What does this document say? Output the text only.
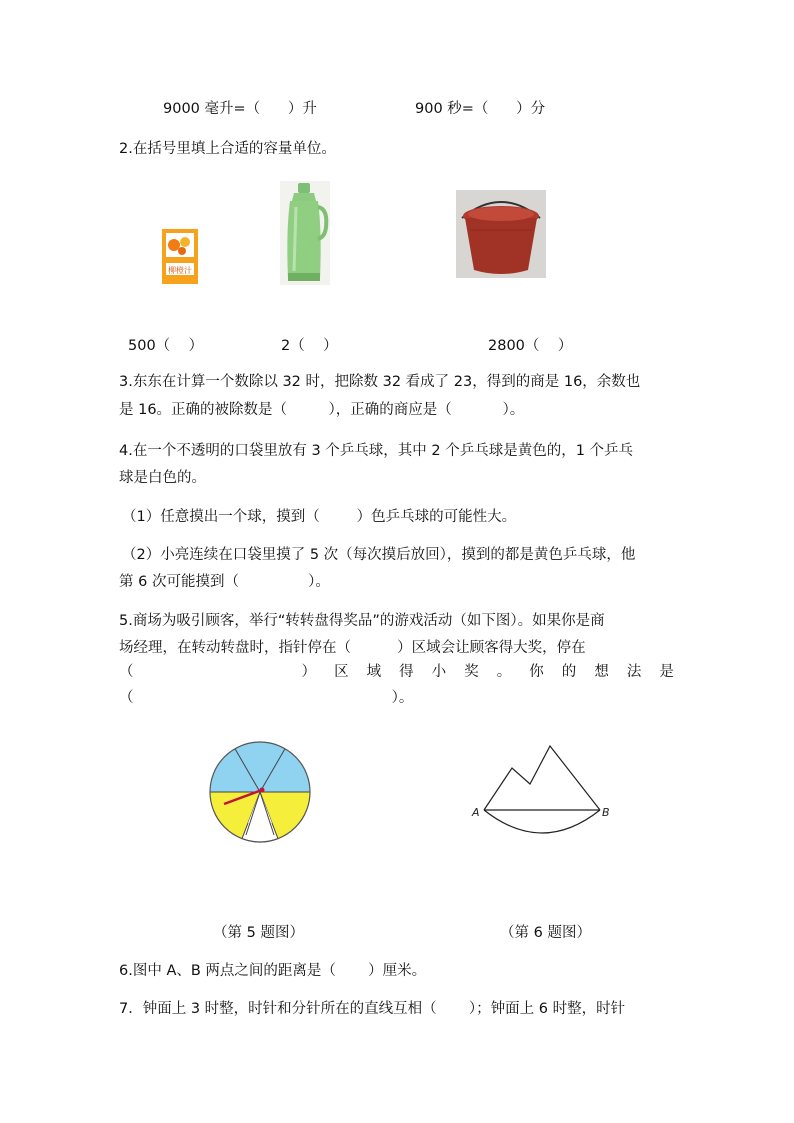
9000 毫升=（      ）升	900 秒=（      ）分
2.在括号里填上合适的容量单位。
柳橙汁
500（    ）	2（    ）	2800（    ）
3.东东在计算一个数除以 32 时，把除数 32 看成了 23，得到的商是 16，余数也
是 16。正确的被除数是（         ），正确的商应是（           ）。
4.在一个不透明的口袋里放有 3 个乒乓球，其中 2 个乒乓球是黄色的，1 个乒乓
球是白色的。
（1）任意摸出一个球，摸到（        ）色乒乓球的可能性大。
（2）小亮连续在口袋里摸了 5 次（每次摸后放回），摸到的都是黄色乒乓球，他
第 6 次可能摸到（               ）。
5.商场为吸引顾客，举行“转转盘得奖品”的游戏活动（如下图）。如果你是商
场经理，在转动转盘时，指针停在（          ）区域会让顾客得大奖，停在
（	） 区 域 得 小 奖 。 你 的 想 法 是
（                                                        ）。
A	B
（第 5 题图）	（第 6 题图）
6.图中 A、B 两点之间的距离是（       ）厘米。
7．钟面上 3 时整，时针和分针所在的直线互相（       ）；钟面上 6 时整，时针
